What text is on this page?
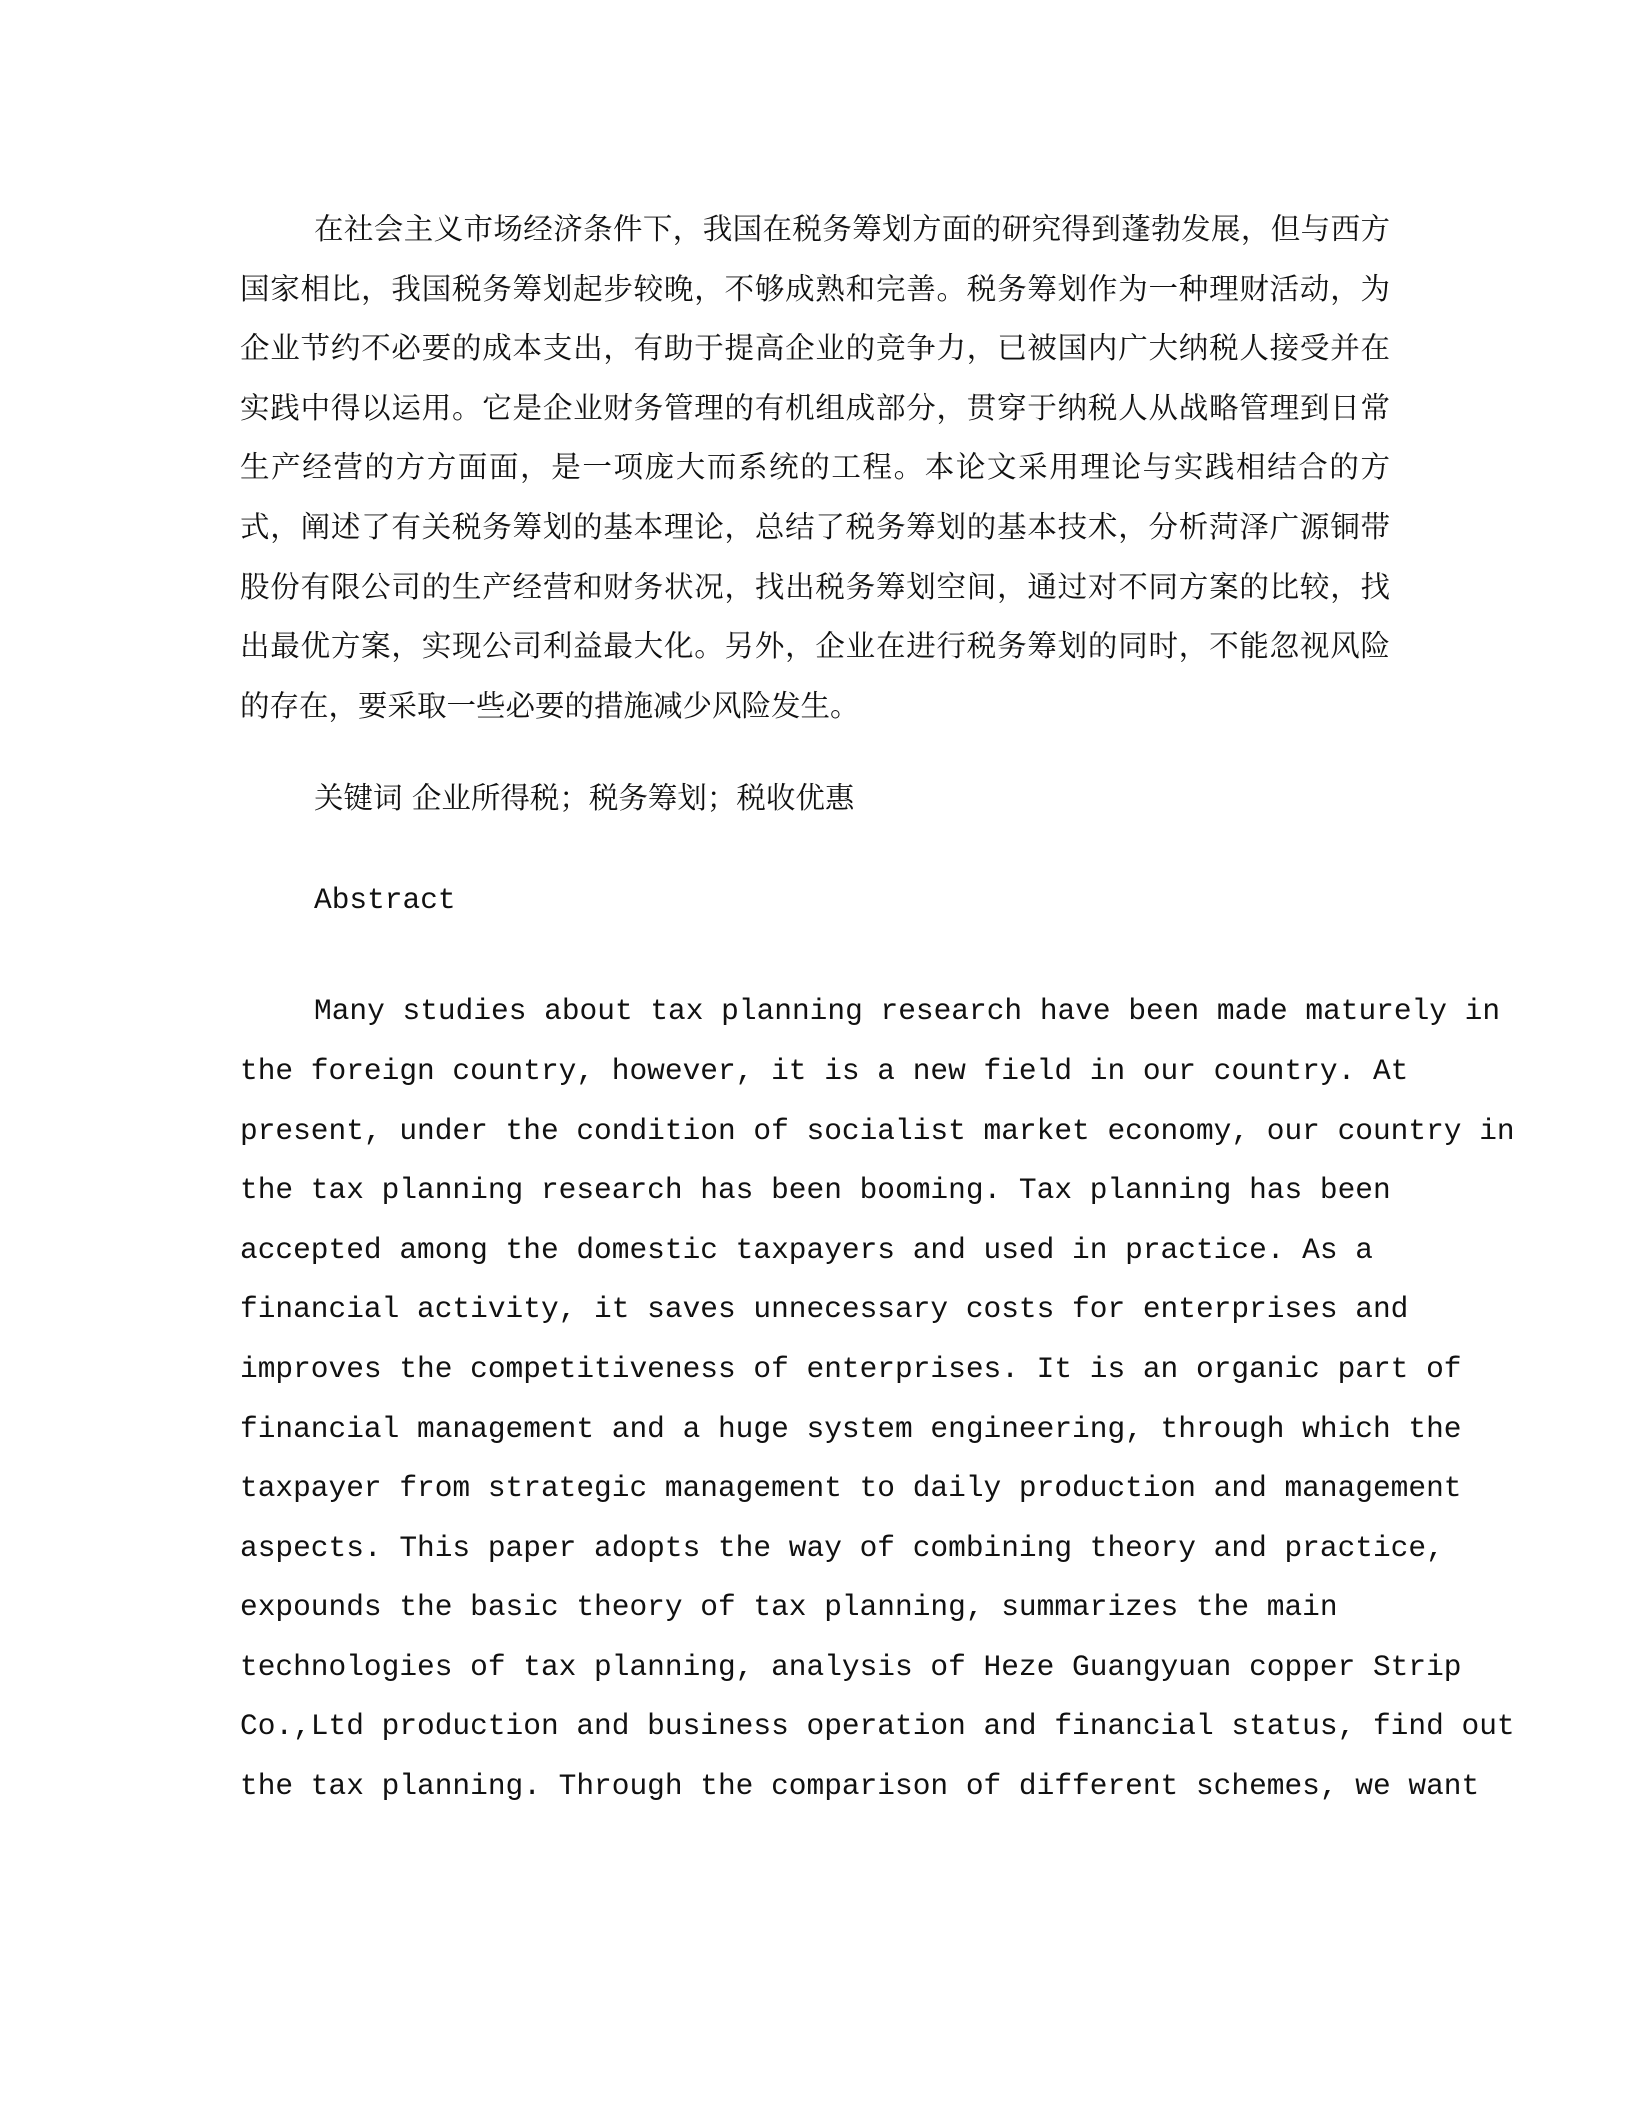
在社会主义市场经济条件下，我国在税务筹划方面的研究得到蓬勃发展，但与西方国家相比，我国税务筹划起步较晚，不够成熟和完善。税务筹划作为一种理财活动，为企业节约不必要的成本支出，有助于提高企业的竞争力，已被国内广大纳税人接受并在实践中得以运用。它是企业财务管理的有机组成部分，贯穿于纳税人从战略管理到日常生产经营的方方面面，是一项庞大而系统的工程。本论文采用理论与实践相结合的方式，阐述了有关税务筹划的基本理论，总结了税务筹划的基本技术，分析菏泽广源铜带股份有限公司的生产经营和财务状况，找出税务筹划空间，通过对不同方案的比较，找出最优方案，实现公司利益最大化。另外，企业在进行税务筹划的同时，不能忽视风险的存在，要采取一些必要的措施减少风险发生。

关键词 企业所得税；税务筹划；税收优惠

Abstract
Many studies about tax planning research have been made maturely in
the foreign country, however, it is a new field in our country. At
present, under the condition of socialist market economy, our country in
the tax planning research has been booming. Tax planning has been
accepted among the domestic taxpayers and used in practice. As a
financial activity, it saves unnecessary costs for enterprises and
improves the competitiveness of enterprises. It is an organic part of
financial management and a huge system engineering, through which the
taxpayer from strategic management to daily production and management
aspects. This paper adopts the way of combining theory and practice,
expounds the basic theory of tax planning, summarizes the main
technologies of tax planning, analysis of Heze Guangyuan copper Strip
Co.,Ltd production and business operation and financial status, find out
the tax planning. Through the comparison of different schemes, we want
